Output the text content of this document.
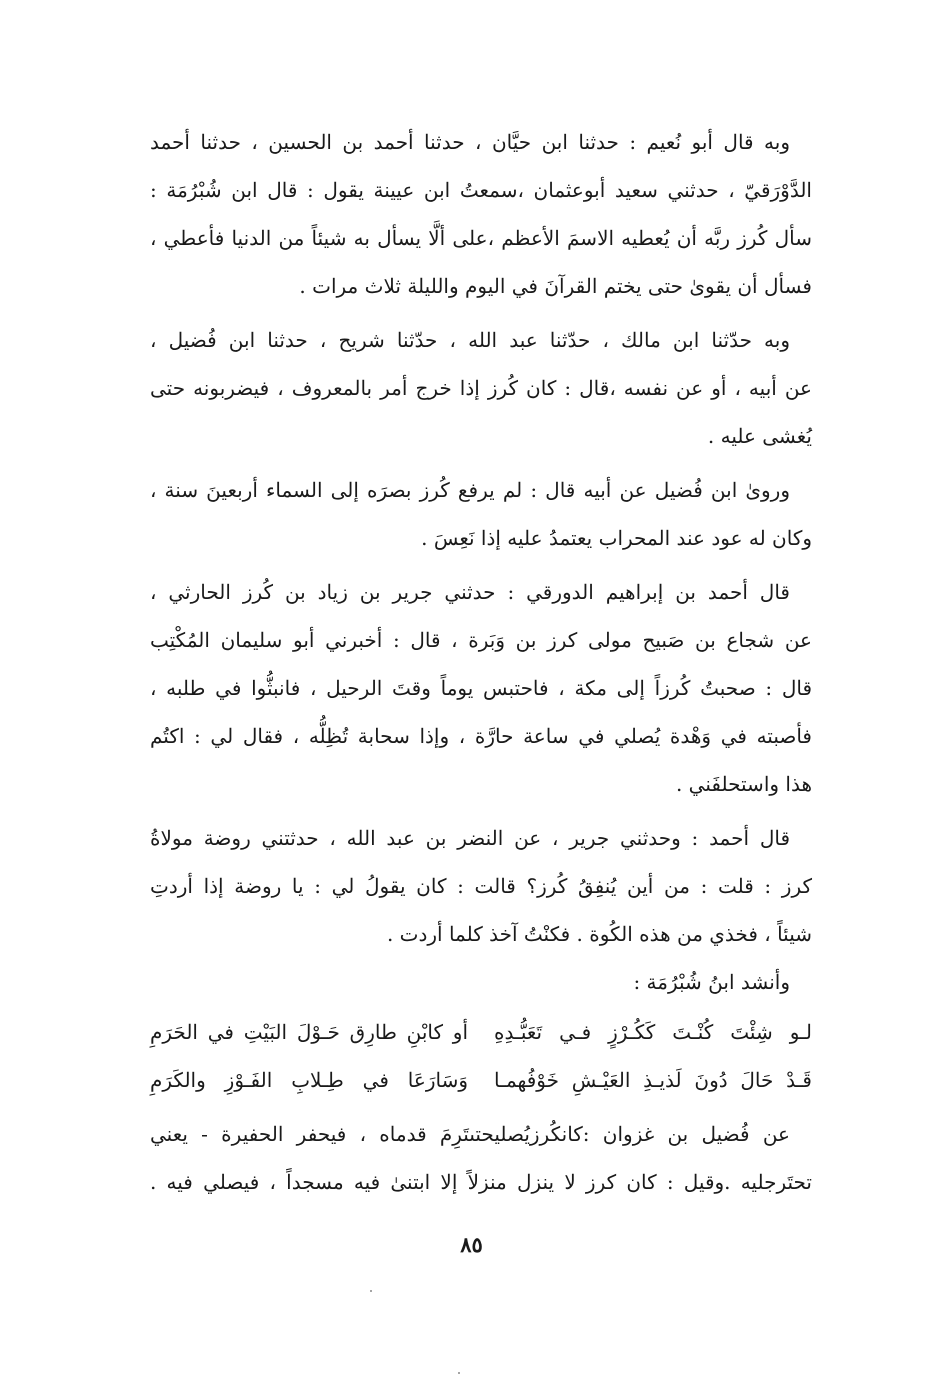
وبه قال أبو نُعيم : حدثنا ابن حيَّان ، حدثنا أحمد بن الحسين ، حدثنا أحمد
الدَّوْرَقيّ ، حدثني سعيد أبوعثمان ،سمعتُ ابن عيينة يقول : قال ابن شُبْرُمَة :
سأل كُرز ربَّه أن يُعطيه الاسمَ الأعظم ،على ألَّا يسأل به شيئاً من الدنيا فأعطي ،
فسأل أن يقوىٰ حتى يختم القرآنَ في اليوم والليلة ثلاث مرات .
وبه حدّثنا ابن مالك ، حدّثنا عبد الله ، حدّثنا شريح ، حدثنا ابن فُضيل ،
عن أبيه ، أو عن نفسه ،قال : كان كُرز إذا خرج أمر بالمعروف ، فيضربونه حتى
يُغشى عليه .
وروىٰ ابن فُضيل عن أبيه قال : لم يرفع كُرز بصرَه إلى السماء أربعينَ سنة ،
وكان له عود عند المحراب يعتمدُ عليه إذا نَعِسَ .
قال أحمد بن إبراهيم الدورقي : حدثني جرير بن زياد بن كُرز الحارثي ،
عن شجاع بن صَبيح مولى كرز بن وَبَرة ، قال : أخبرني أبو سليمان المُكْتِب
قال : صحبتُ كُرزاً إلى مكة ، فاحتبس يوماً وقتَ الرحيل ، فانبثُّوا في طلبه ،
فأصبته في وَهْدة يُصلي في ساعة حارَّة ، وإذا سحابة تُظِلُّه ، فقال لي : اكتُم
هذا واستحلفَني .
قال أحمد : وحدثني جرير ، عن النضر بن عبد الله ، حدثتني روضة مولاةُ
كرز : قلت : من أين يُنفِقُ كُرز؟ قالت : كان يقولُ لي : يا روضة إذا أردتِ
شيئاً ، فخذي من هذه الكُوة . فكنْتُ آخذ كلما أردت .
وأنشد ابنُ شُبْرُمَة :
لـو شِئْتَ كُنْـتَ كَكُـرْزٍ فـي تَعَبُّـدِهِ
أو كابْنِ طارِق حَـوْلَ البَيْتِ في الحَرَمِ
قَـدْ حَالَ دُونَ لَذيـذِ العَيْـشِ خَوْفُهمـا
وَسَارَعَا في طِـلابِ الفَـوْزِ والكَرَمِ
عن فُضيل بن غزوان :كانكُرزيُصليحتىتَرِمَ قدماه ، فيحفر الحفيرة - يعني
تحتَرجليه .وقيل : كان كرز لا ينزل منزلاً إلا ابتنىٰ فيه مسجداً ، فيصلي فيه .
٨٥
